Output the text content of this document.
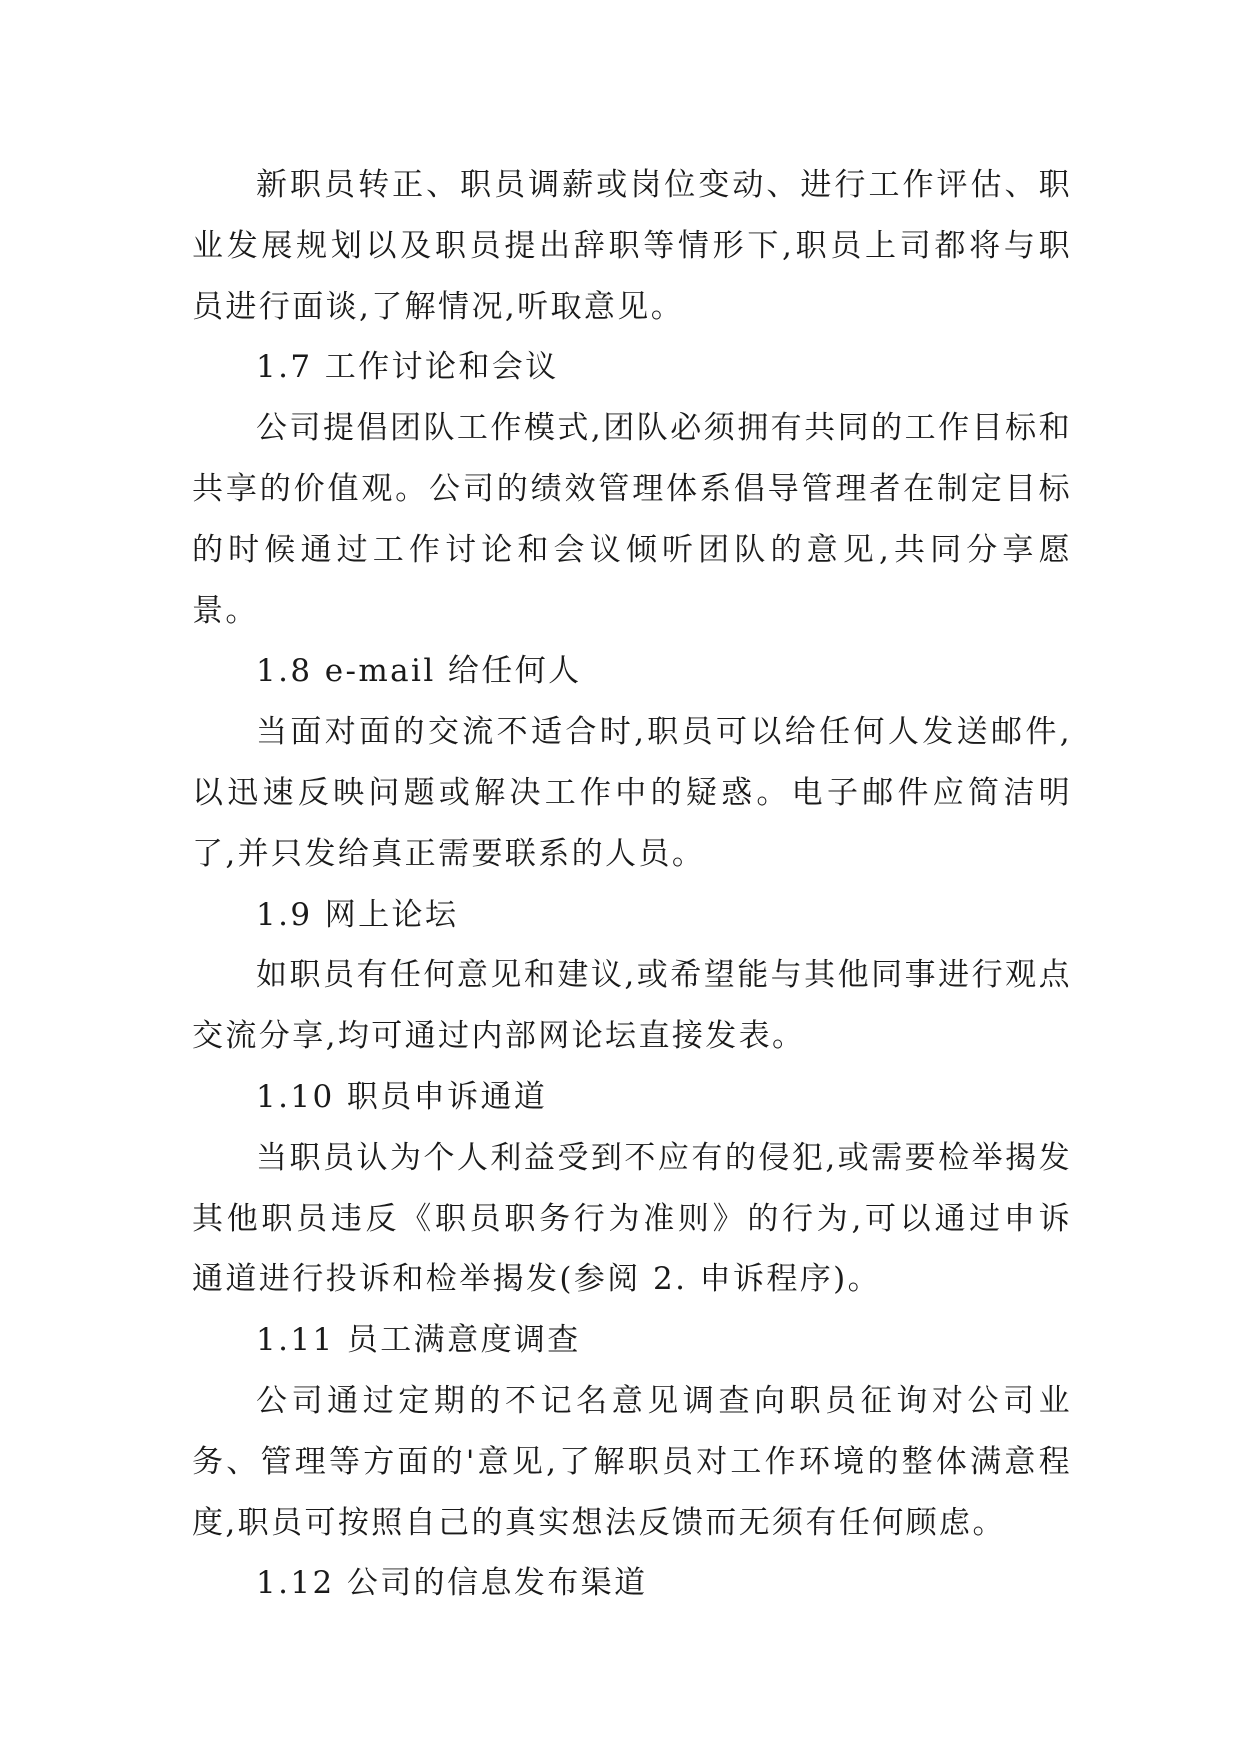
新职员转正、职员调薪或岗位变动、进行工作评估、职业发展规划以及职员提出辞职等情形下,职员上司都将与职员进行面谈,了解情况,听取意见。

1.7 工作讨论和会议

公司提倡团队工作模式,团队必须拥有共同的工作目标和共享的价值观。公司的绩效管理体系倡导管理者在制定目标的时候通过工作讨论和会议倾听团队的意见,共同分享愿景。

1.8 e-mail 给任何人

当面对面的交流不适合时,职员可以给任何人发送邮件,以迅速反映问题或解决工作中的疑惑。电子邮件应简洁明了,并只发给真正需要联系的人员。

1.9 网上论坛

如职员有任何意见和建议,或希望能与其他同事进行观点交流分享,均可通过内部网论坛直接发表。

1.10 职员申诉通道

当职员认为个人利益受到不应有的侵犯,或需要检举揭发其他职员违反《职员职务行为准则》的行为,可以通过申诉通道进行投诉和检举揭发(参阅 2. 申诉程序)。

1.11 员工满意度调查

公司通过定期的不记名意见调查向职员征询对公司业务、管理等方面的'意见,了解职员对工作环境的整体满意程度,职员可按照自己的真实想法反馈而无须有任何顾虑。

1.12 公司的信息发布渠道
